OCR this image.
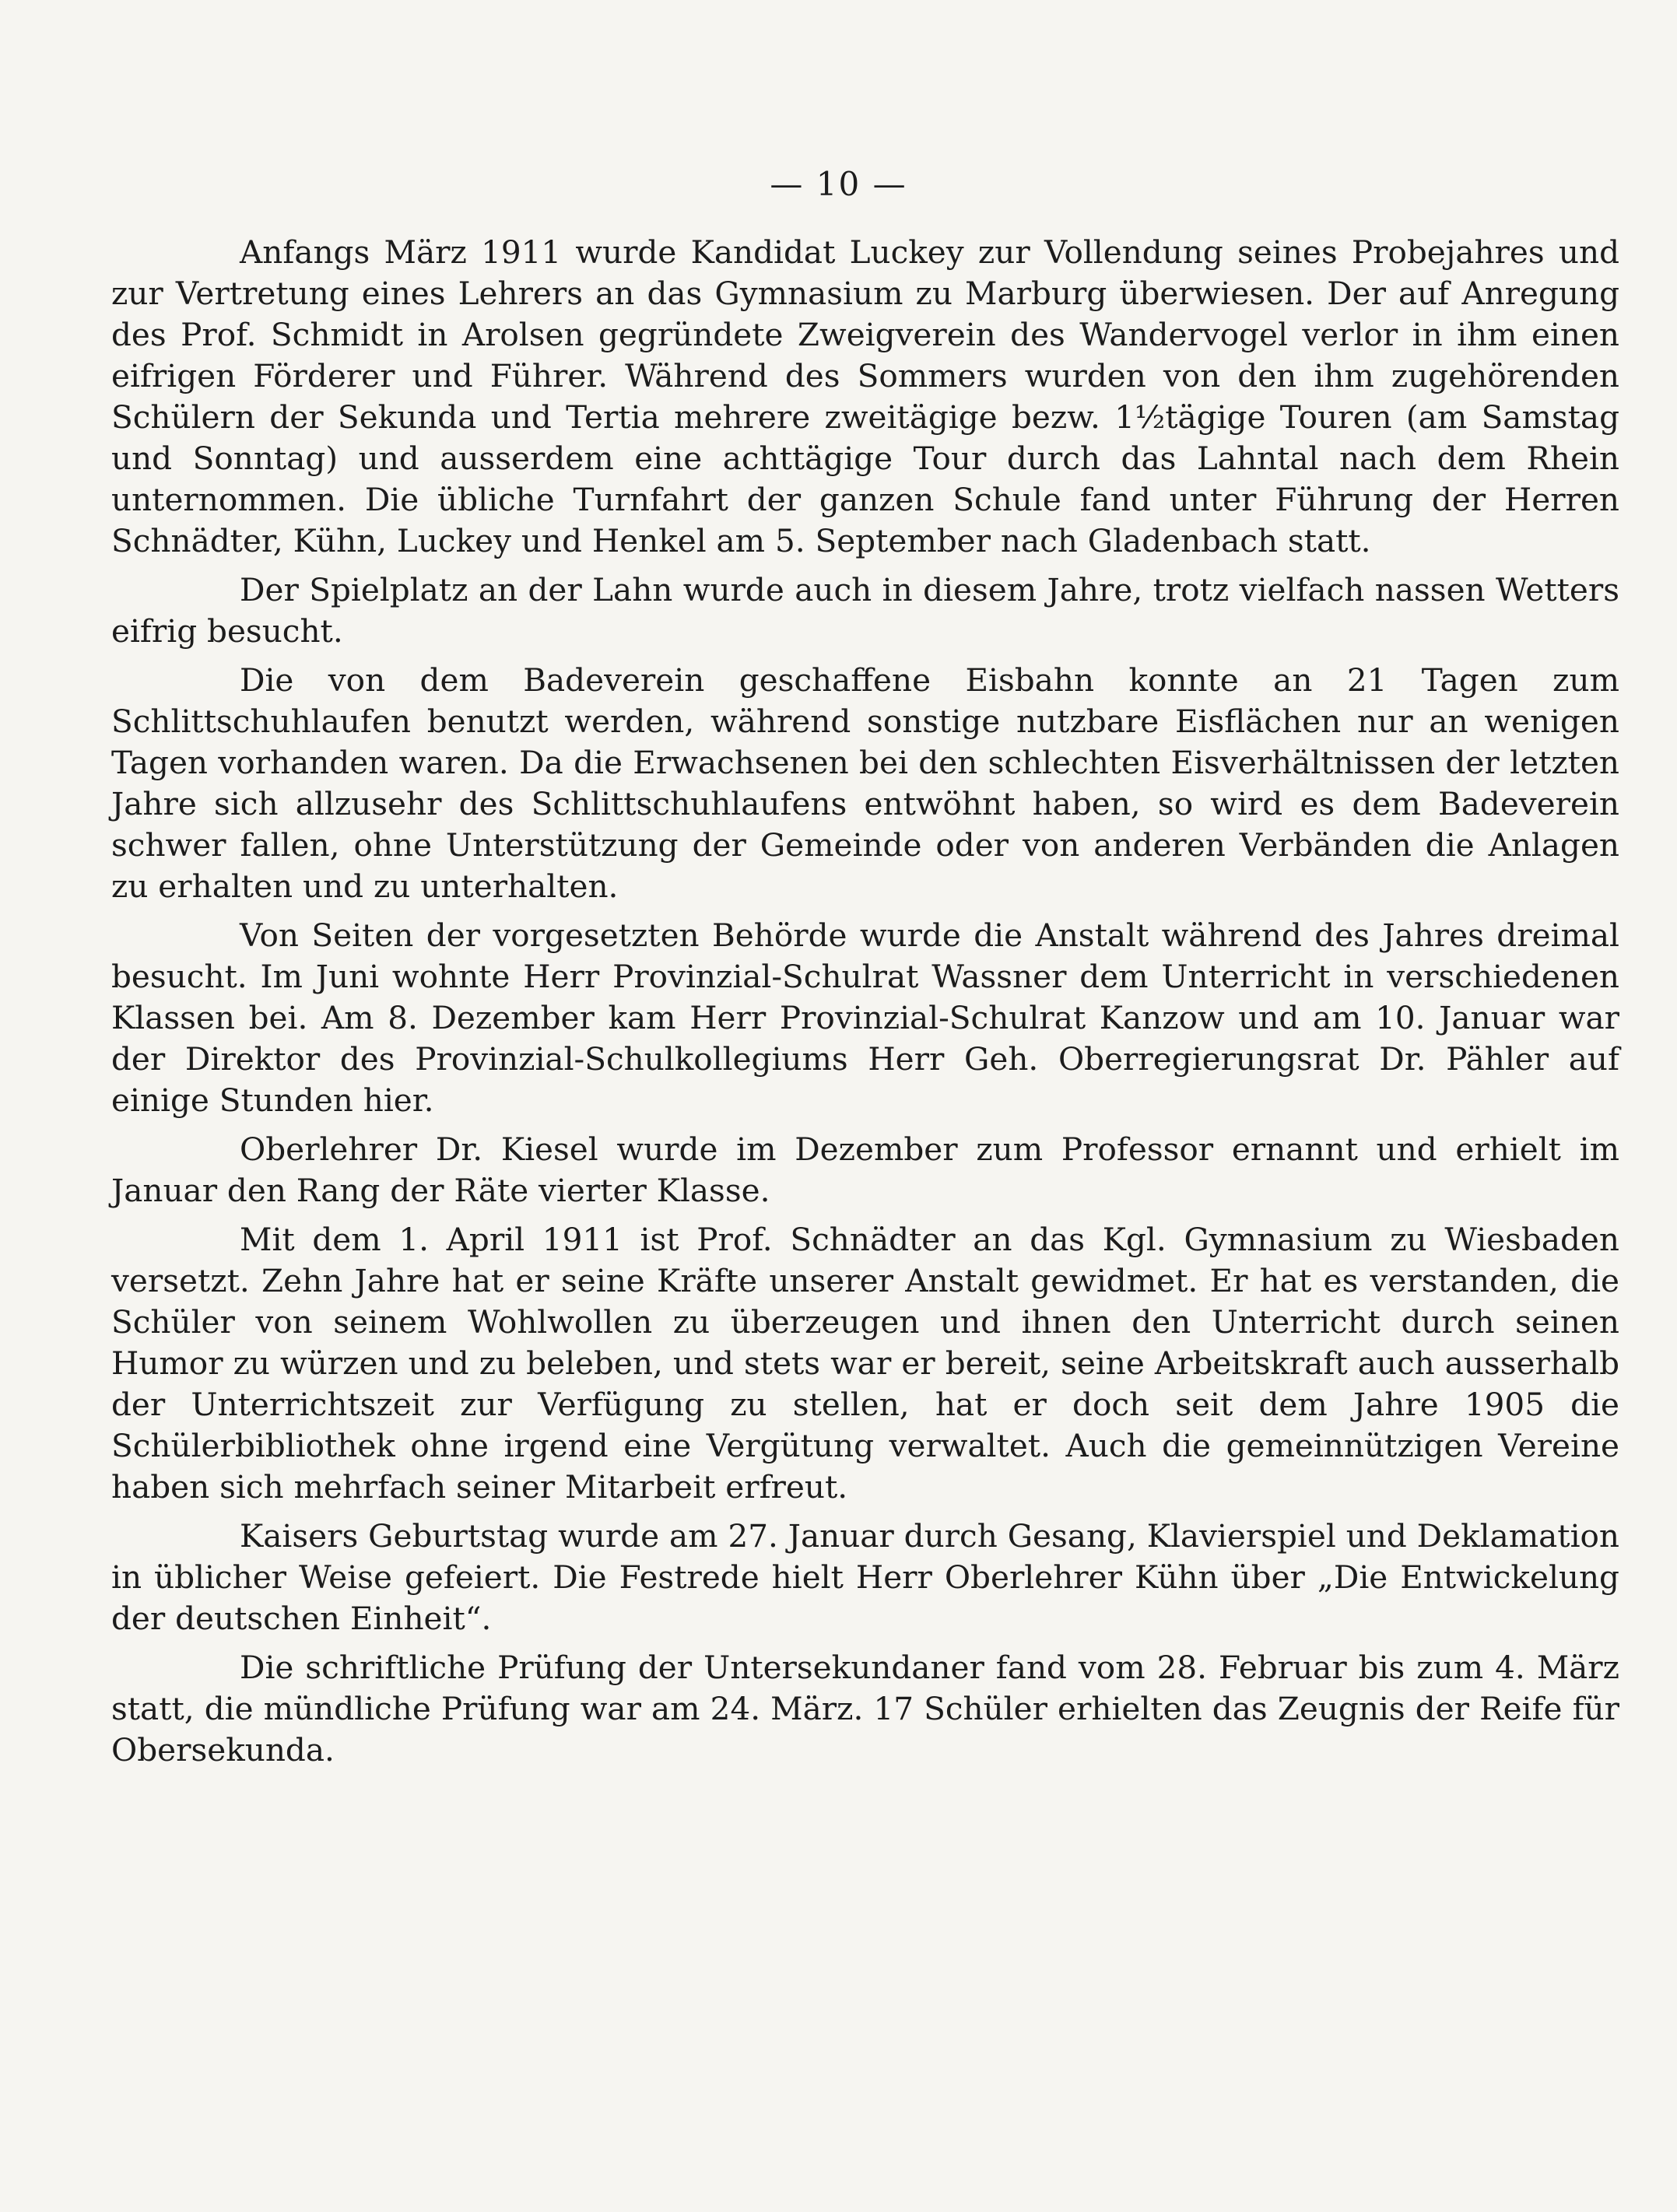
— 10 —

Anfangs März 1911 wurde Kandidat Luckey zur Vollendung seines Probejahres und zur Vertretung eines Lehrers an das Gymnasium zu Marburg überwiesen. Der auf Anregung des Prof. Schmidt in Arolsen gegründete Zweigverein des Wandervogel verlor in ihm einen eifrigen Förderer und Führer. Während des Sommers wurden von den ihm zugehörenden Schülern der Sekunda und Tertia mehrere zweitägige bezw. 1½tägige Touren (am Samstag und Sonntag) und ausserdem eine achttägige Tour durch das Lahntal nach dem Rhein unternommen. Die übliche Turnfahrt der ganzen Schule fand unter Führung der Herren Schnädter, Kühn, Luckey und Henkel am 5. September nach Gladenbach statt.

Der Spielplatz an der Lahn wurde auch in diesem Jahre, trotz vielfach nassen Wetters eifrig besucht.

Die von dem Badeverein geschaffene Eisbahn konnte an 21 Tagen zum Schlittschuhlaufen benutzt werden, während sonstige nutzbare Eisflächen nur an wenigen Tagen vorhanden waren. Da die Erwachsenen bei den schlechten Eisverhältnissen der letzten Jahre sich allzusehr des Schlittschuhlaufens entwöhnt haben, so wird es dem Badeverein schwer fallen, ohne Unterstützung der Gemeinde oder von anderen Verbänden die Anlagen zu erhalten und zu unterhalten.

Von Seiten der vorgesetzten Behörde wurde die Anstalt während des Jahres dreimal besucht. Im Juni wohnte Herr Provinzial-Schulrat Wassner dem Unterricht in verschiedenen Klassen bei. Am 8. Dezember kam Herr Provinzial-Schulrat Kanzow und am 10. Januar war der Direktor des Provinzial-Schulkollegiums Herr Geh. Oberregierungsrat Dr. Pähler auf einige Stunden hier.

Oberlehrer Dr. Kiesel wurde im Dezember zum Professor ernannt und erhielt im Januar den Rang der Räte vierter Klasse.

Mit dem 1. April 1911 ist Prof. Schnädter an das Kgl. Gymnasium zu Wiesbaden versetzt. Zehn Jahre hat er seine Kräfte unserer Anstalt gewidmet. Er hat es verstanden, die Schüler von seinem Wohlwollen zu überzeugen und ihnen den Unterricht durch seinen Humor zu würzen und zu beleben, und stets war er bereit, seine Arbeitskraft auch ausserhalb der Unterrichtszeit zur Verfügung zu stellen, hat er doch seit dem Jahre 1905 die Schülerbibliothek ohne irgend eine Vergütung verwaltet. Auch die gemeinnützigen Vereine haben sich mehrfach seiner Mitarbeit erfreut.

Kaisers Geburtstag wurde am 27. Januar durch Gesang, Klavierspiel und Deklamation in üblicher Weise gefeiert. Die Festrede hielt Herr Oberlehrer Kühn über „Die Entwickelung der deutschen Einheit“.

Die schriftliche Prüfung der Untersekundaner fand vom 28. Februar bis zum 4. März statt, die mündliche Prüfung war am 24. März. 17 Schüler erhielten das Zeugnis der Reife für Obersekunda.
